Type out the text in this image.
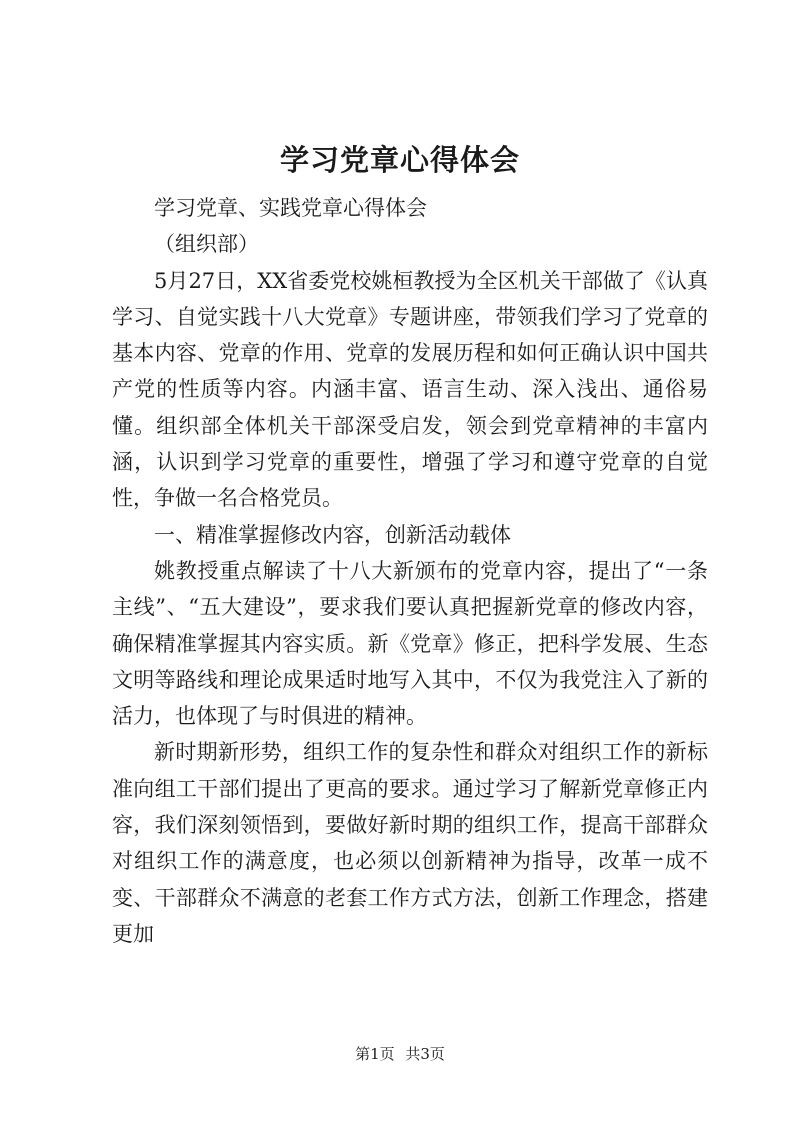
学习党章心得体会

学习党章、实践党章心得体会

（组织部）

5月27日，XX省委党校姚桓教授为全区机关干部做了《认真学习、自觉实践十八大党章》专题讲座，带领我们学习了党章的基本内容、党章的作用、党章的发展历程和如何正确认识中国共产党的性质等内容。内涵丰富、语言生动、深入浅出、通俗易懂。组织部全体机关干部深受启发，领会到党章精神的丰富内涵，认识到学习党章的重要性，增强了学习和遵守党章的自觉性，争做一名合格党员。

一、精准掌握修改内容，创新活动载体

姚教授重点解读了十八大新颁布的党章内容，提出了“一条主线”、“五大建设”，要求我们要认真把握新党章的修改内容，确保精准掌握其内容实质。新《党章》修正，把科学发展、生态文明等路线和理论成果适时地写入其中，不仅为我党注入了新的活力，也体现了与时俱进的精神。

新时期新形势，组织工作的复杂性和群众对组织工作的新标准向组工干部们提出了更高的要求。通过学习了解新党章修正内容，我们深刻领悟到，要做好新时期的组织工作，提高干部群众对组织工作的满意度，也必须以创新精神为指导，改革一成不变、干部群众不满意的老套工作方式方法，创新工作理念，搭建更加

第1页 共3页
